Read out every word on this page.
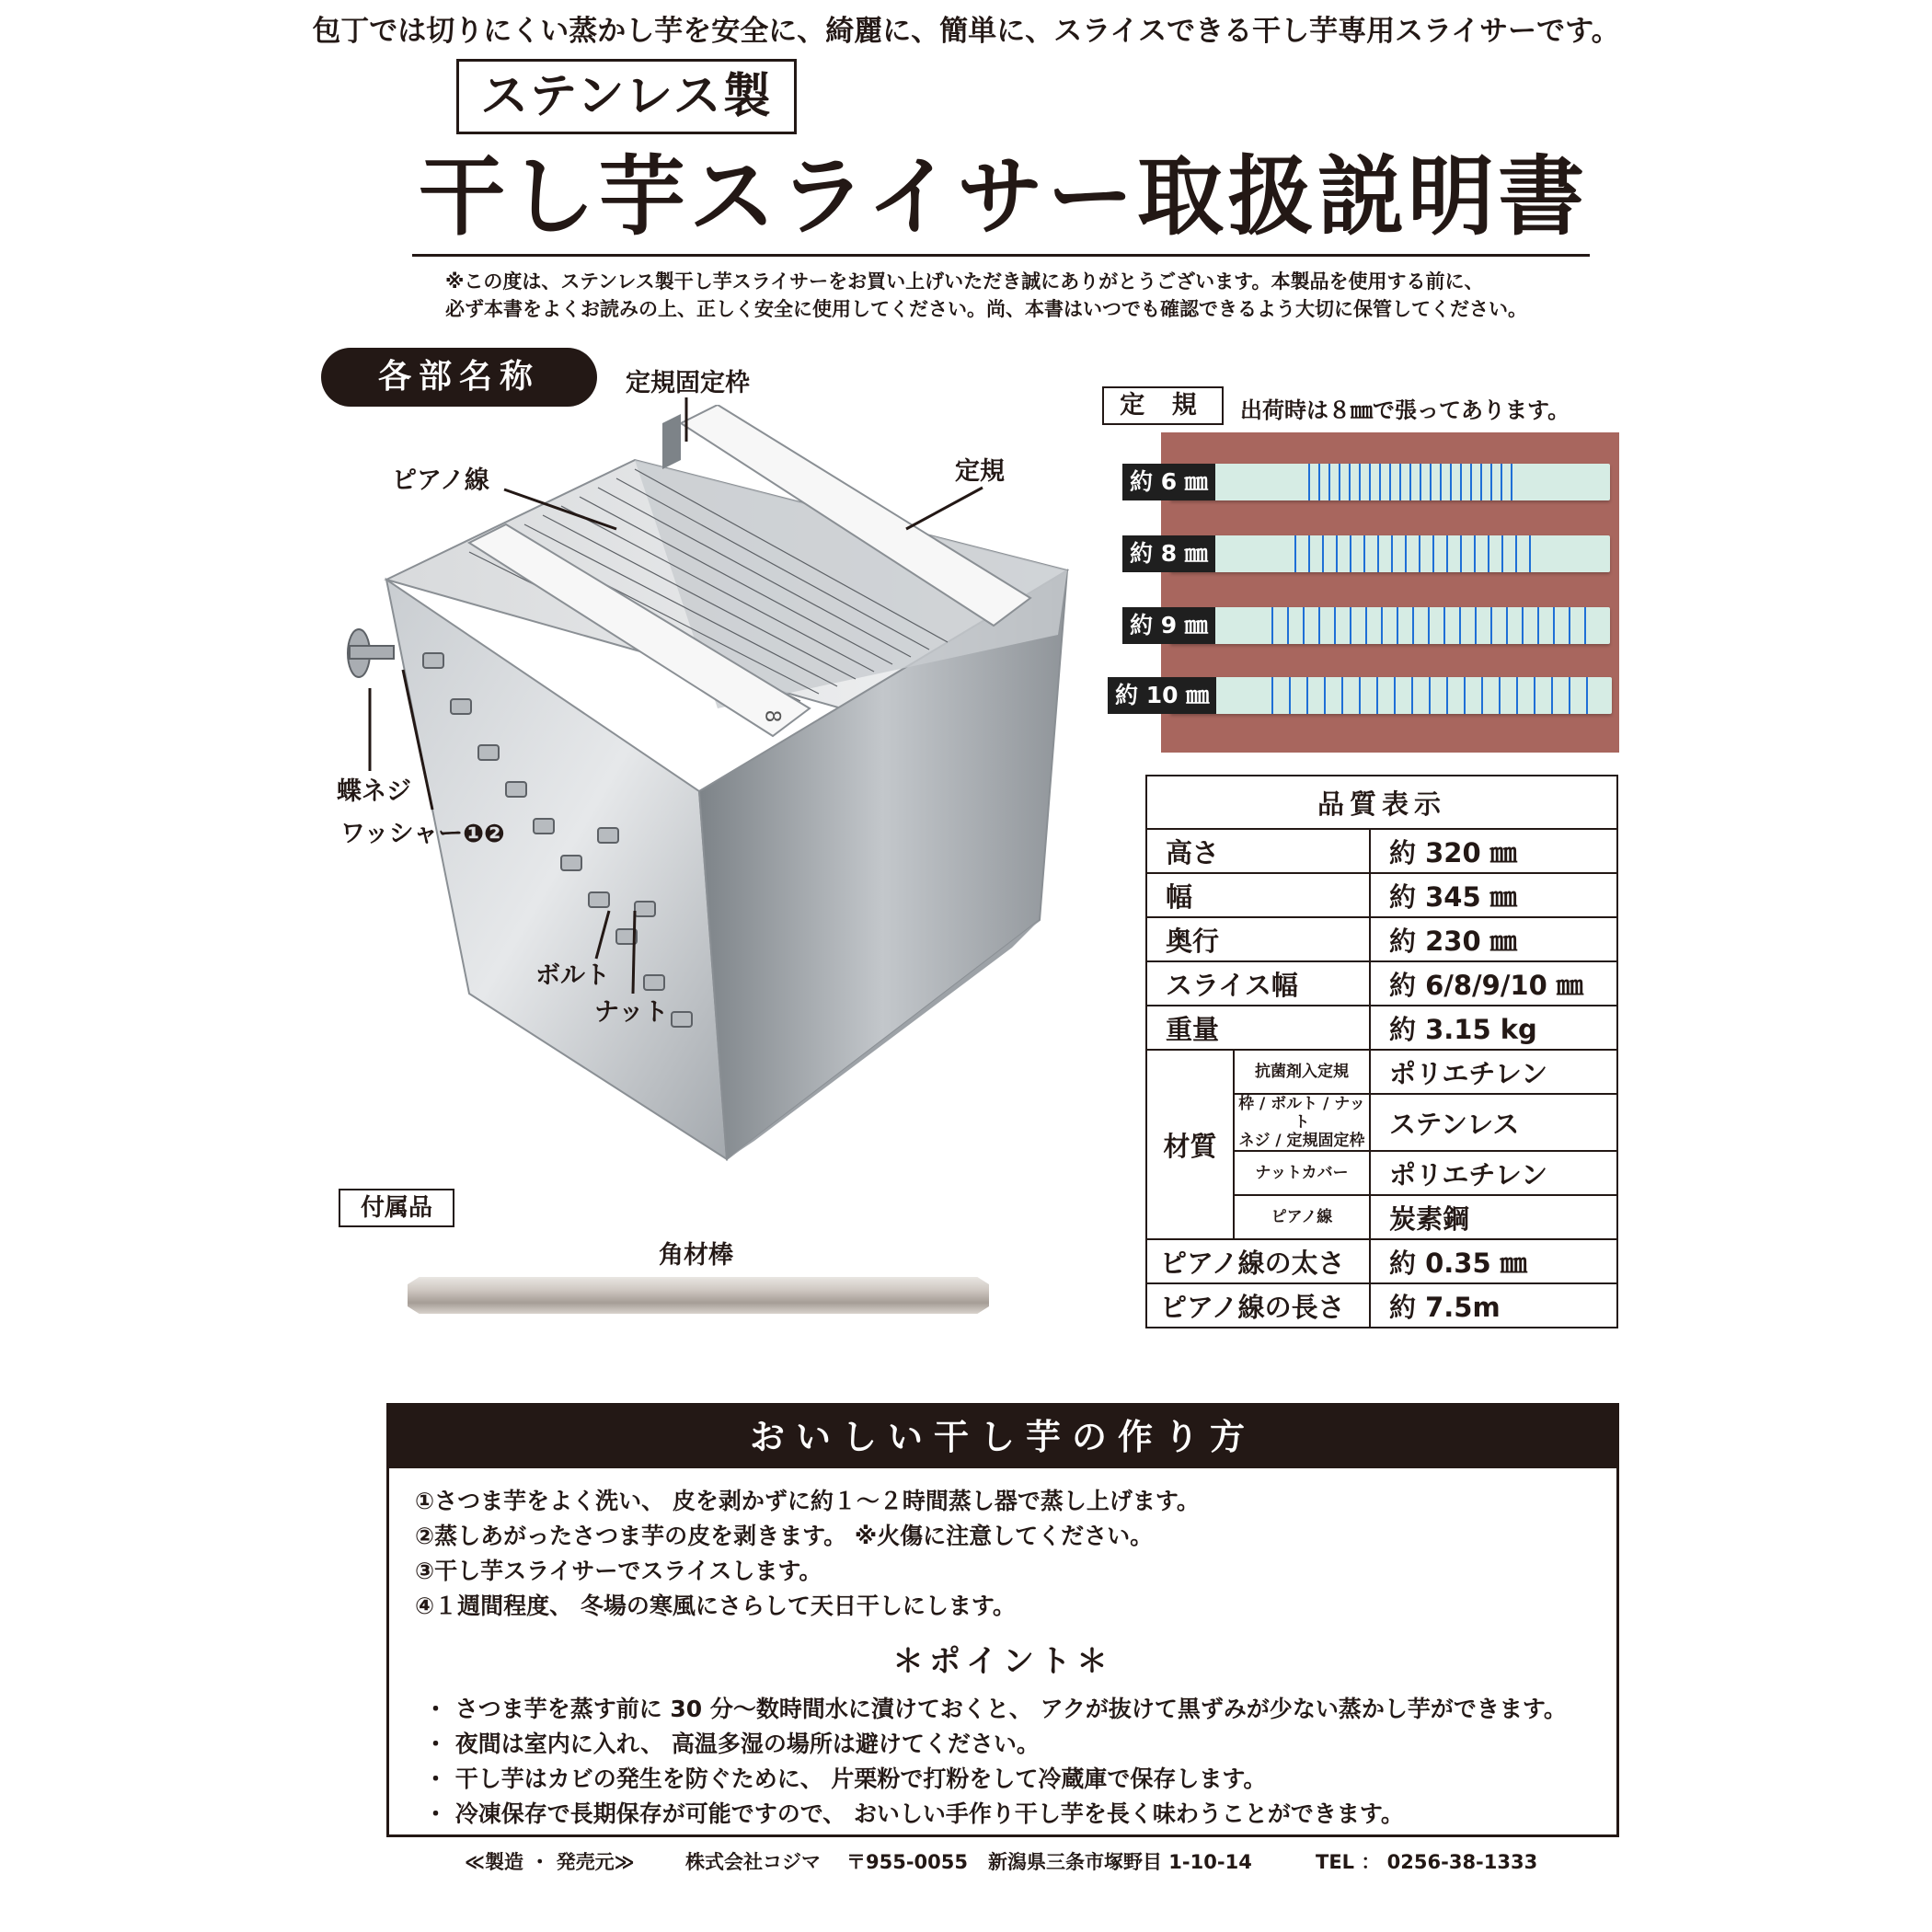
包丁では切りにくい蒸かし芋を安全に、綺麗に、簡単に、スライスできる干し芋専用スライサーです。
ステンレス製
干し芋スライサー取扱説明書
※この度は、ステンレス製干し芋スライサーをお買い上げいただき誠にありがとうございます。本製品を使用する前に、
必ず本書をよくお読みの上、正しく安全に使用してください。尚、本書はいつでも確認できるよう大切に保管してください。
各部名称	定規固定枠
ピアノ線	定規
蝶ネジ
ワッシャー❶❷
ボルト
ナット
8
定 規	出荷時は８㎜で張ってあります。
約 6 ㎜
約 8 ㎜
約 9 ㎜
約 10 ㎜
付属品
角材棒
品質表示		
高さ		約 320 ㎜
幅		約 345 ㎜
奥行		約 230 ㎜
スライス幅		約 6/8/9/10 ㎜
重量		約 3.15 kg
材質	抗菌剤入定規	ポリエチレン
	枠 / ボルト / ナット
ネジ / 定規固定枠	ステンレス
	ナットカバー	ポリエチレン
	ピアノ線	炭素鋼
ピアノ線の太さ		約 0.35 ㎜
ピアノ線の長さ		約 7.5m
おいしい干し芋の作り方
①さつま芋をよく洗い、 皮を剥かずに約１～２時間蒸し器で蒸し上げます。
②蒸しあがったさつま芋の皮を剥きます。 ※火傷に注意してください。
③干し芋スライサーでスライスします。
④１週間程度、 冬場の寒風にさらして天日干しにします。
＊ポイント＊
・ さつま芋を蒸す前に 30 分～数時間水に漬けておくと、 アクが抜けて黒ずみが少ない蒸かし芋ができます。
・ 夜間は室内に入れ、 高温多湿の場所は避けてください。
・ 干し芋はカビの発生を防ぐために、 片栗粉で打粉をして冷蔵庫で保存します。
・ 冷凍保存で長期保存が可能ですので、 おいしい手作り干し芋を長く味わうことができます。
≪製造 ・ 発売元≫	株式会社コジマ 〒955-0055 新潟県三条市塚野目 1-10-14	TEL ： 0256-38-1333
